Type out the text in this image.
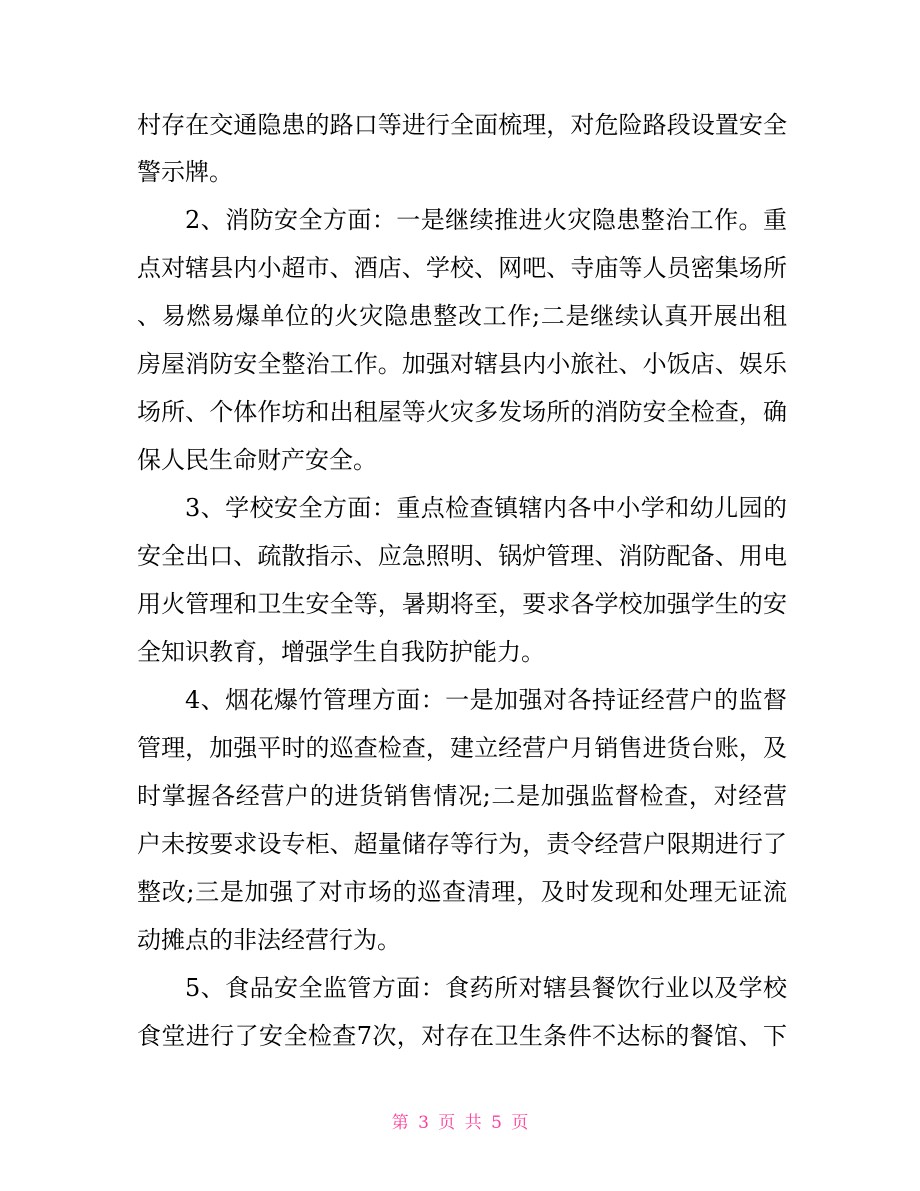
村存在交通隐患的路口等进行全面梳理，对危险路段设置安全
警示牌。
2、消防安全方面：一是继续推进火灾隐患整治工作。重
点对辖县内小超市、酒店、学校、网吧、寺庙等人员密集场所
、易燃易爆单位的火灾隐患整改工作;二是继续认真开展出租
房屋消防安全整治工作。加强对辖县内小旅社、小饭店、娱乐
场所、个体作坊和出租屋等火灾多发场所的消防安全检查，确
保人民生命财产安全。
3、学校安全方面：重点检查镇辖内各中小学和幼儿园的
安全出口、疏散指示、应急照明、锅炉管理、消防配备、用电
用火管理和卫生安全等，暑期将至，要求各学校加强学生的安
全知识教育，增强学生自我防护能力。
4、烟花爆竹管理方面：一是加强对各持证经营户的监督
管理，加强平时的巡查检查，建立经营户月销售进货台账，及
时掌握各经营户的进货销售情况;二是加强监督检查，对经营
户未按要求设专柜、超量储存等行为，责令经营户限期进行了
整改;三是加强了对市场的巡查清理，及时发现和处理无证流
动摊点的非法经营行为。
5、食品安全监管方面：食药所对辖县餐饮行业以及学校
食堂进行了安全检查7次，对存在卫生条件不达标的餐馆、下
第 3 页 共 5 页
